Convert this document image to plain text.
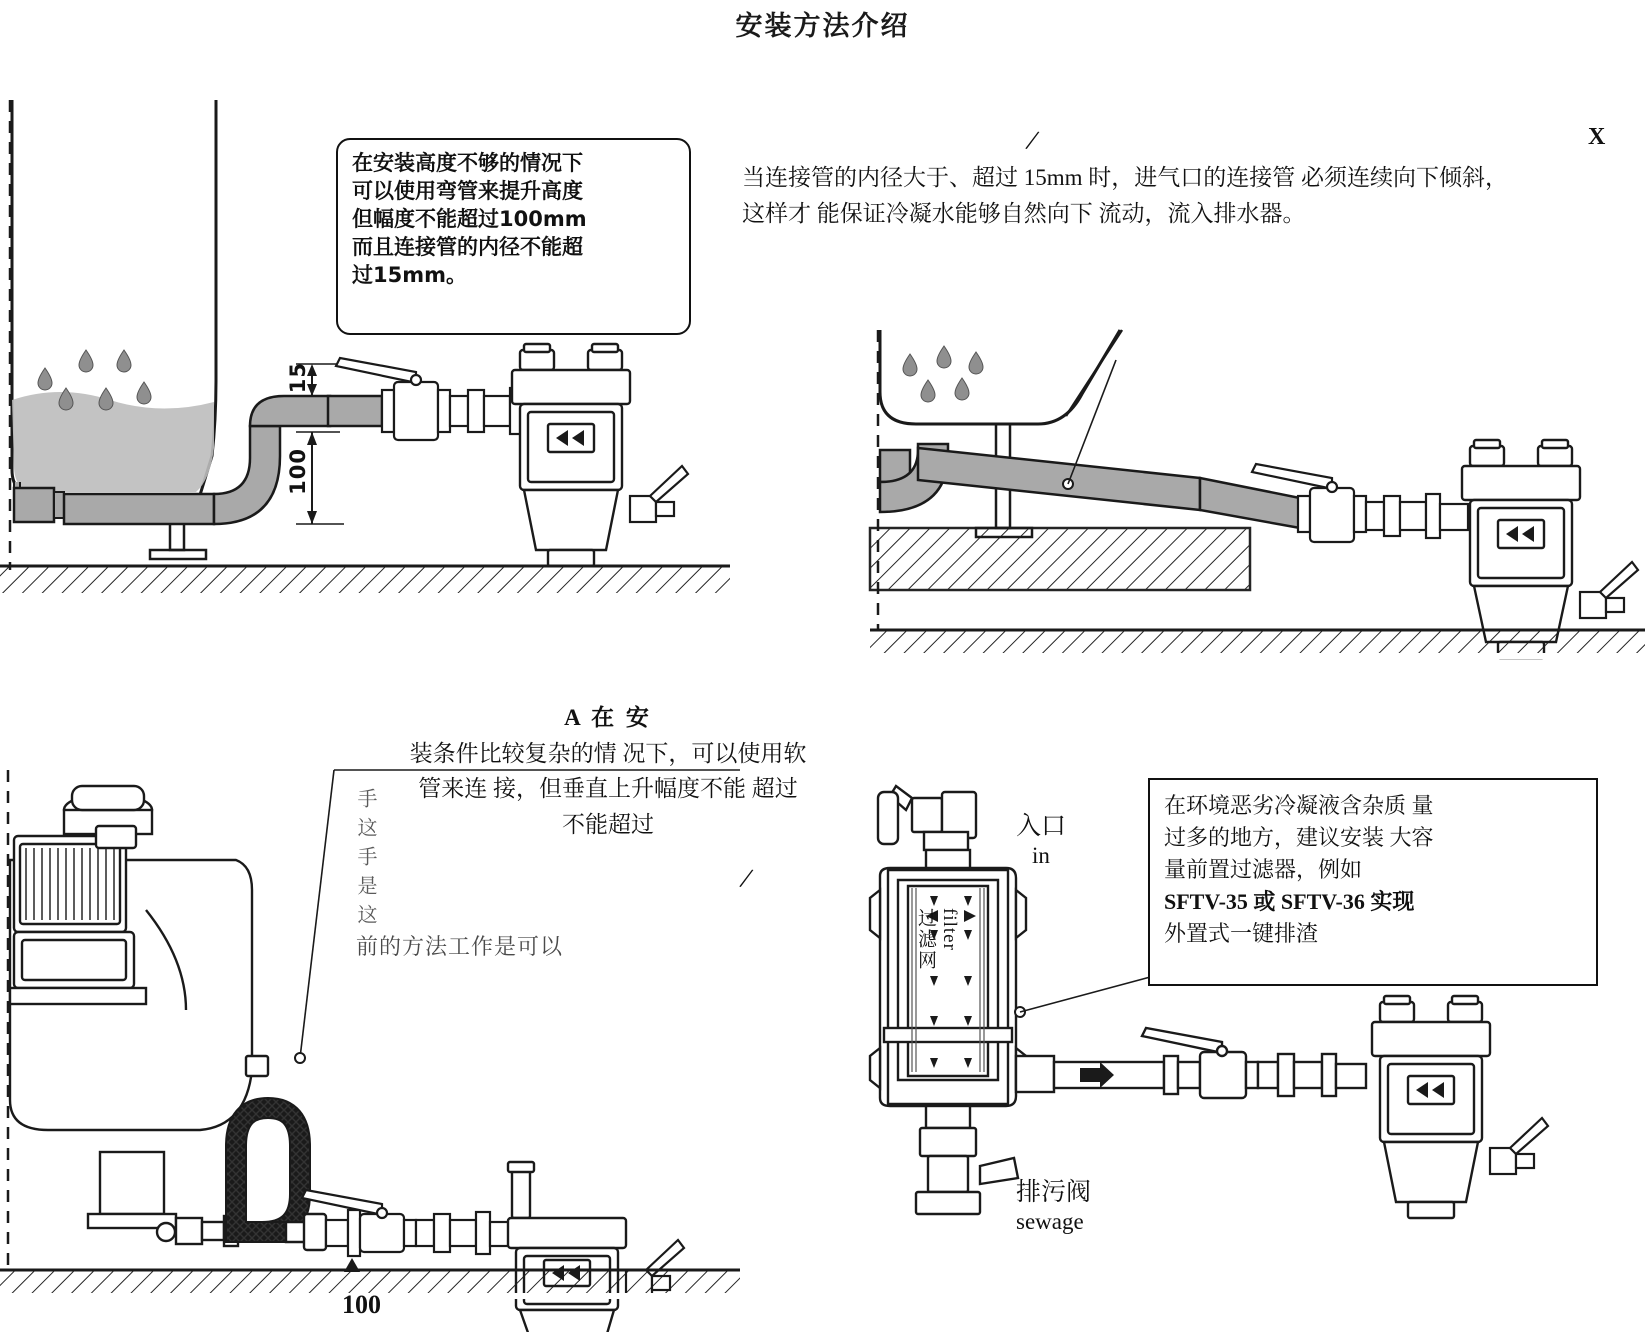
安装方法介绍
15
100
在安装高度不够的情况下
可以使用弯管来提升高度
但幅度不能超过100mm
而且连接管的内径不能超
过15mm。
当连接管的内径大于、超过 15mm 时，进气口的连接管 必须连续向下倾斜，
这样才 能保证冷凝水能够自然向下 流动，流入排水器。
X
/
A 在 安
装条件比较复杂的情 况下，可以使用软
管来连 接，但垂直上升幅度不能 超过
不能超过
/
手 这 手 是 这
前的方法工作是可以
100
入口
in
过滤网 filter
排污阀
sewage
在环境恶劣冷凝液含杂质 量
过多的地方，建议安装 大容
量前置过滤器，例如
SFTV-35 或 SFTV-36 实现
外置式一键排渣
